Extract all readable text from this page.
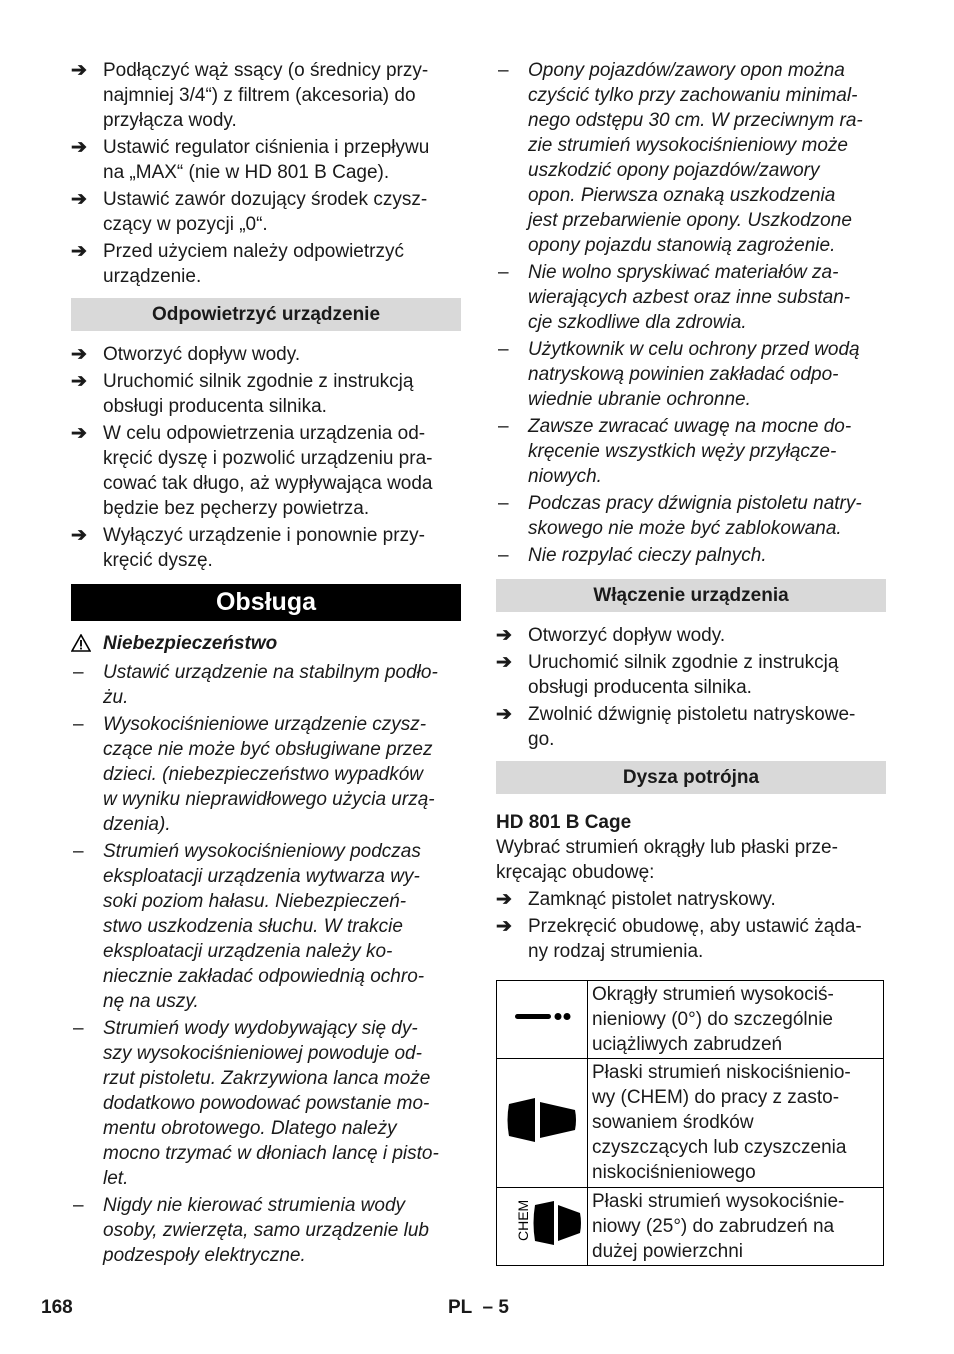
➔ Podłączyć wąż ssący (o średnicy przy-
najmniej 3/4“) z filtrem (akcesoria) do
przyłącza wody.
➔ Ustawić regulator ciśnienia i przepływu
na „MAX“ (nie w HD 801 B Cage).
➔ Ustawić zawór dozujący środek czysz-
czący w pozycji „0“.
➔ Przed użyciem należy odpowietrzyć
urządzenie.
Odpowietrzyć urządzenie
➔ Otworzyć dopływ wody.
➔ Uruchomić silnik zgodnie z instrukcją
obsługi producenta silnika.
➔ W celu odpowietrzenia urządzenia od-
kręcić dyszę i pozwolić urządzeniu pra-
cować tak długo, aż wypływająca woda
będzie bez pęcherzy powietrza.
➔ Wyłączyć urządzenie i ponownie przy-
kręcić dyszę.
Obsługa
Niebezpieczeństwo
–	Ustawić urządzenie na stabilnym podło-
żu.
–	Wysokociśnieniowe urządzenie czysz-
czące nie może być obsługiwane przez
dzieci. (niebezpieczeństwo wypadków
w wyniku nieprawidłowego użycia urzą-
dzenia).
–	Strumień wysokociśnieniowy podczas
eksploatacji urządzenia wytwarza wy-
soki poziom hałasu. Niebezpieczeń-
stwo uszkodzenia słuchu. W trakcie
eksploatacji urządzenia należy ko-
niecznie zakładać odpowiednią ochro-
nę na uszy.
–	Strumień wody wydobywający się dy-
szy wysokociśnieniowej powoduje od-
rzut pistoletu. Zakrzywiona lanca może
dodatkowo powodować powstanie mo-
mentu obrotowego. Dlatego należy
mocno trzymać w dłoniach lancę i pisto-
let.
–	Nigdy nie kierować strumienia wody
osoby, zwierzęta, samo urządzenie lub
podzespoły elektryczne.
–	Opony pojazdów/zawory opon można
czyścić tylko przy zachowaniu minimal-
nego odstępu 30 cm. W przeciwnym ra-
zie strumień wysokociśnieniowy może
uszkodzić opony pojazdów/zawory
opon. Pierwsza oznaką uszkodzenia
jest przebarwienie opony. Uszkodzone
opony pojazdu stanowią zagrożenie.
–	Nie wolno spryskiwać materiałów za-
wierających azbest oraz inne substan-
cje szkodliwe dla zdrowia.
–	Użytkownik w celu ochrony przed wodą
natryskową powinien zakładać odpo-
wiednie ubranie ochronne.
–	Zawsze zwracać uwagę na mocne do-
kręcenie wszystkich węży przyłącze-
niowych.
–	Podczas pracy dźwignia pistoletu natry-
skowego nie może być zablokowana.
–	Nie rozpylać cieczy palnych.
Włączenie urządzenia
➔ Otworzyć dopływ wody.
➔ Uruchomić silnik zgodnie z instrukcją
obsługi producenta silnika.
➔ Zwolnić dźwignię pistoletu natryskowe-
go.
Dysza potrójna
HD 801 B Cage
Wybrać strumień okrągły lub płaski prze-
kręcając obudowę:
➔ Zamknąć pistolet natryskowy.
➔ Przekręcić obudowę, aby ustawić żąda-
ny rodzaj strumienia.
	Okrągły strumień wysokociś-
nieniowy (0°) do szczególnie
uciążliwych zabrudzeń
	Płaski strumień niskociśnienio-
wy (CHEM) do pracy z zasto-
sowaniem środków
czyszczących lub czyszczenia
niskociśnieniowego

CHEM	Płaski strumień wysokociśnie-
niowy (25°) do zabrudzeń na
dużej powierzchni
168	PL  – 5
